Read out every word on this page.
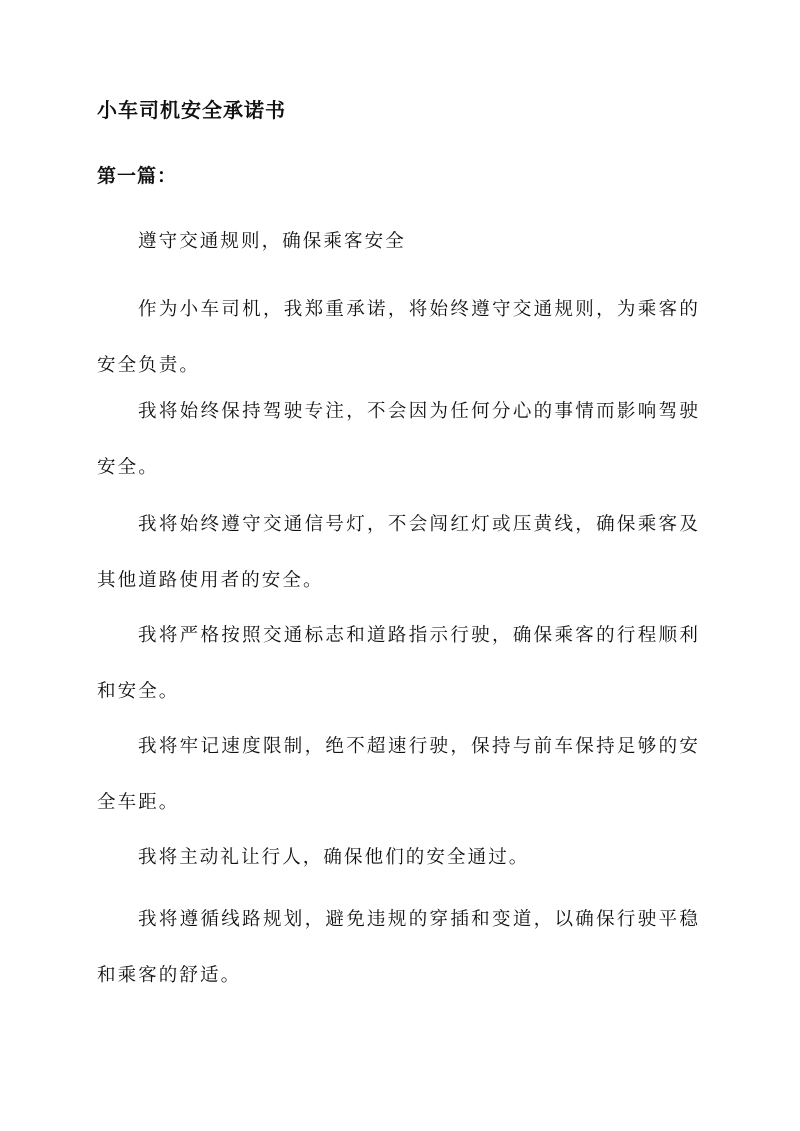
小车司机安全承诺书
第一篇：

遵守交通规则，确保乘客安全

作为小车司机，我郑重承诺，将始终遵守交通规则，为乘客的安全负责。

我将始终保持驾驶专注，不会因为任何分心的事情而影响驾驶安全。

我将始终遵守交通信号灯，不会闯红灯或压黄线，确保乘客及其他道路使用者的安全。

我将严格按照交通标志和道路指示行驶，确保乘客的行程顺利和安全。

我将牢记速度限制，绝不超速行驶，保持与前车保持足够的安全车距。

我将主动礼让行人，确保他们的安全通过。

我将遵循线路规划，避免违规的穿插和变道，以确保行驶平稳和乘客的舒适。
